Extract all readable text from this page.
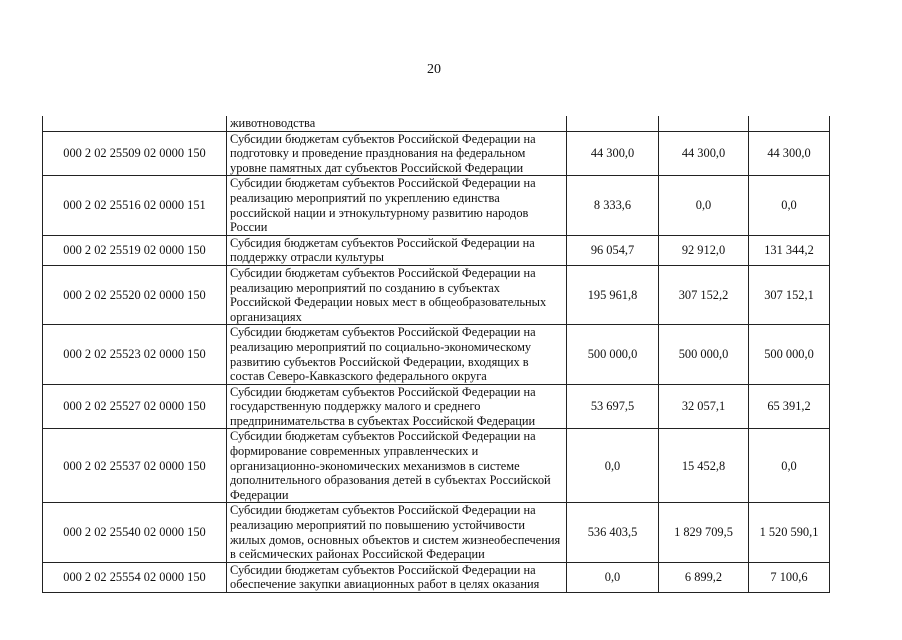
20
	животноводства			
000 2 02 25509 02 0000 150	Субсидии бюджетам субъектов Российской Федерации на подготовку и проведение празднования на федеральном уровне памятных дат субъектов Российской Федерации	44 300,0	44 300,0	44 300,0
000 2 02 25516 02 0000 151	Субсидии бюджетам субъектов Российской Федерации на реализацию мероприятий по укреплению единства российской нации и этнокультурному развитию народов России	8 333,6	0,0	0,0
000 2 02 25519 02 0000 150	Субсидия бюджетам субъектов Российской Федерации на поддержку отрасли культуры	96 054,7	92 912,0	131 344,2
000 2 02 25520 02 0000 150	Субсидии бюджетам субъектов Российской Федерации на реализацию мероприятий по созданию в субъектах Российской Федерации новых мест в общеобразовательных организациях	195 961,8	307 152,2	307 152,1
000 2 02 25523 02 0000 150	Субсидии бюджетам субъектов Российской Федерации на реализацию мероприятий по социально-экономическому развитию субъектов Российской Федерации, входящих в состав Северо-Кавказского федерального округа	500 000,0	500 000,0	500 000,0
000 2 02 25527 02 0000 150	Субсидии бюджетам субъектов Российской Федерации на государственную поддержку малого и среднего предпринимательства в субъектах Российской Федерации	53 697,5	32 057,1	65 391,2
000 2 02 25537 02 0000 150	Субсидии бюджетам субъектов Российской Федерации на формирование современных управленческих и организационно-экономических механизмов в системе дополнительного образования детей в субъектах Российской Федерации	0,0	15 452,8	0,0
000 2 02 25540 02 0000 150	Субсидии бюджетам субъектов Российской Федерации на реализацию мероприятий по повышению устойчивости жилых домов, основных объектов и систем жизнеобеспечения в сейсмических районах Российской Федерации	536 403,5	1 829 709,5	1 520 590,1
000 2 02 25554 02 0000 150	Субсидии бюджетам субъектов Российской Федерации на обеспечение закупки авиационных работ в целях оказания	0,0	6 899,2	7 100,6
